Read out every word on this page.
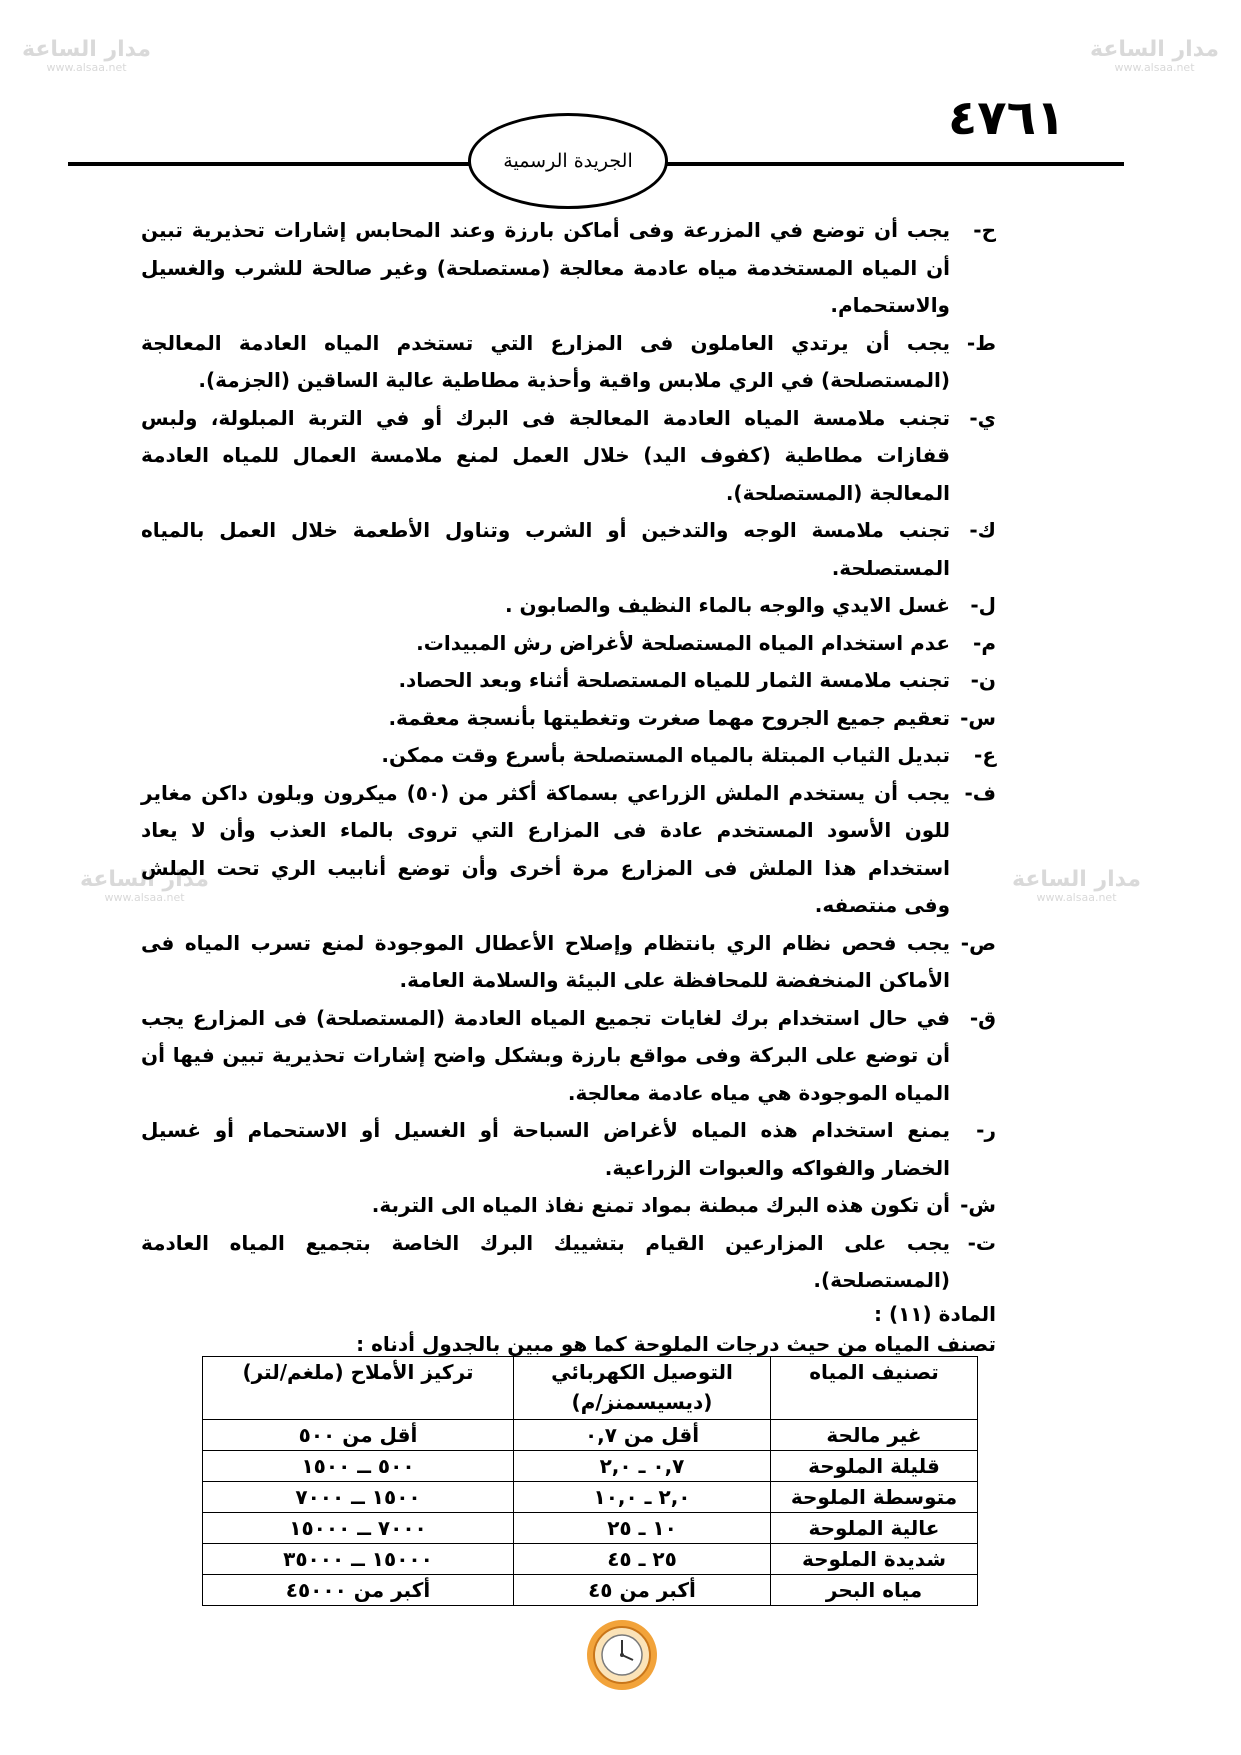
مدار الساعة
www.alsaa.net
مدار الساعة
www.alsaa.net
مدار الساعة
www.alsaa.net
مدار الساعة
www.alsaa.net
٤٧٦١
الجريدة الرسمية
ح-
يجب أن توضع في المزرعة وفى أماكن بارزة وعند المحابس إشارات تحذيرية تبين أن المياه المستخدمة مياه عادمة معالجة (مستصلحة) وغير صالحة للشرب والغسيل والاستحمام.
ط-
يجب أن يرتدي العاملون فى المزارع التي تستخدم المياه العادمة المعالجة (المستصلحة) في الري ملابس واقية وأحذية مطاطية عالية الساقين (الجزمة).
ي-
تجنب ملامسة المياه العادمة المعالجة فى البرك أو في التربة المبلولة، ولبس قفازات مطاطية (كفوف اليد) خلال العمل لمنع ملامسة العمال للمياه العادمة المعالجة (المستصلحة).
ك-
تجنب ملامسة الوجه والتدخين أو الشرب وتناول الأطعمة خلال العمل بالمياه المستصلحة.
ل-
غسل الايدي والوجه بالماء النظيف والصابون .
م-
عدم استخدام المياه المستصلحة لأغراض رش المبيدات.
ن-
تجنب ملامسة الثمار للمياه المستصلحة أثناء وبعد الحصاد.
س-
تعقيم جميع الجروح مهما صغرت وتغطيتها بأنسجة معقمة.
ع-
تبديل الثياب المبتلة بالمياه المستصلحة بأسرع وقت ممكن.
ف-
يجب أن يستخدم الملش الزراعي بسماكة أكثر من (٥٠) ميكرون وبلون داكن مغاير للون الأسود المستخدم عادة فى المزارع التي تروى بالماء العذب وأن لا يعاد استخدام هذا الملش فى المزارع مرة أخرى وأن توضع أنابيب الري تحت الملش وفى منتصفه.
ص-
يجب فحص نظام الري بانتظام وإصلاح الأعطال الموجودة لمنع تسرب المياه فى الأماكن المنخفضة للمحافظة على البيئة والسلامة العامة.
ق-
في حال استخدام برك لغايات تجميع المياه العادمة (المستصلحة) فى المزارع يجب أن توضع على البركة وفى مواقع بارزة وبشكل واضح إشارات تحذيرية تبين فيها أن المياه الموجودة هي مياه عادمة معالجة.
ر-
يمنع استخدام هذه المياه لأغراض السباحة أو الغسيل أو الاستحمام أو غسيل الخضار والفواكه والعبوات الزراعية.
ش-
أن تكون هذه البرك مبطنة بمواد تمنع نفاذ المياه الى التربة.
ت-
يجب على المزارعين القيام بتشييك البرك الخاصة بتجميع المياه العادمة (المستصلحة).
المادة (١١) :
تصنف المياه من حيث درجات الملوحة كما هو مبين بالجدول أدناه :
تصنيف المياه	التوصيل الكهربائي (ديسيسمنز/م)	تركيز الأملاح (ملغم/لتر)
غير مالحة	أقل من ٠,٧	أقل من ٥٠٠
قليلة الملوحة	٠,٧ ـ ٢,٠	٥٠٠ ــ ١٥٠٠
متوسطة الملوحة	٢,٠ ـ ١٠,٠	١٥٠٠ ــ ٧٠٠٠
عالية الملوحة	١٠ ـ ٢٥	٧٠٠٠ ــ ١٥٠٠٠
شديدة الملوحة	٢٥ ـ ٤٥	١٥٠٠٠ ــ ٣٥٠٠٠
مياه البحر	أكبر من ٤٥	أكبر من ٤٥٠٠٠
